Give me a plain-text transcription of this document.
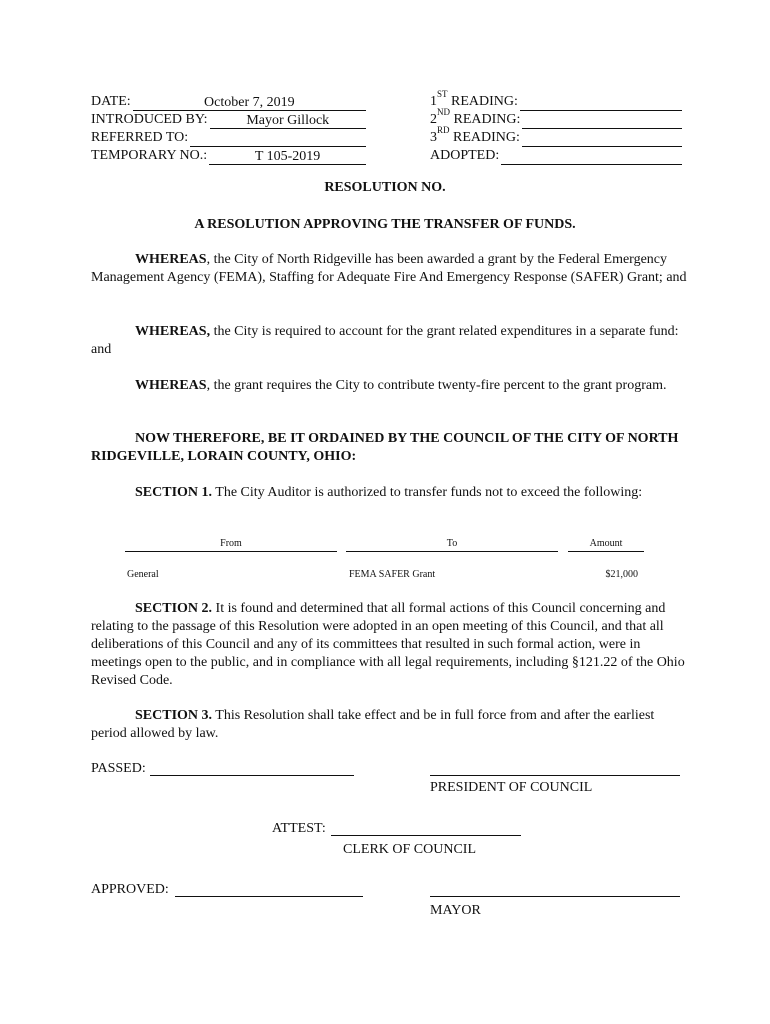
DATE:	October 7, 2019
INTRODUCED BY:	Mayor Gillock
REFERRED TO:
TEMPORARY NO.:	T 105-2019
1ST READING:
2ND READING:
3RD READING:
ADOPTED:
RESOLUTION NO.
A RESOLUTION APPROVING THE TRANSFER OF FUNDS.

WHEREAS, the City of North Ridgeville has been awarded a grant by the Federal Emergency Management Agency (FEMA), Staffing for Adequate Fire And Emergency Response (SAFER) Grant; and

WHEREAS, the City is required to account for the grant related expenditures in a separate fund: and

WHEREAS, the grant requires the City to contribute twenty-fire percent to the grant program.

NOW THEREFORE, BE IT ORDAINED BY THE COUNCIL OF THE CITY OF NORTH RIDGEVILLE, LORAIN COUNTY, OHIO:

SECTION 1. The City Auditor is authorized to transfer funds not to exceed the following:

From	To	Amount
General	FEMA SAFER Grant	$21,000

SECTION 2. It is found and determined that all formal actions of this Council concerning and relating to the passage of this Resolution were adopted in an open meeting of this Council, and that all deliberations of this Council and any of its committees that resulted in such formal action, were in meetings open to the public, and in compliance with all legal requirements, including §121.22 of the Ohio Revised Code.

SECTION 3. This Resolution shall take effect and be in full force from and after the earliest period allowed by law.

PASSED:
PRESIDENT OF COUNCIL
ATTEST:
CLERK OF COUNCIL
APPROVED:
MAYOR
